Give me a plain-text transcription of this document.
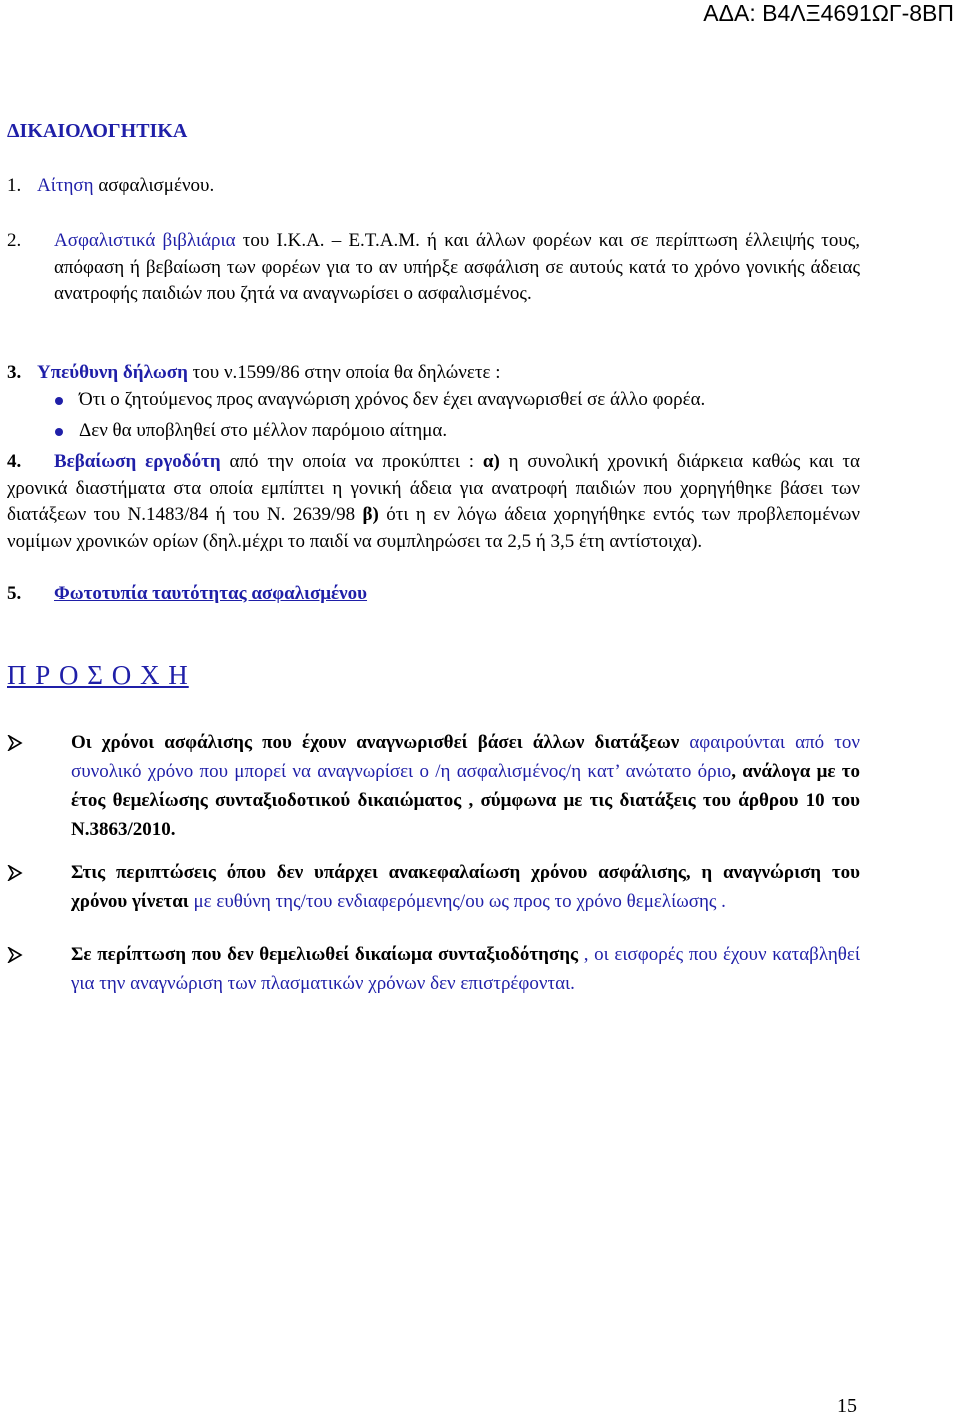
ΑΔΑ: Β4ΛΞ4691ΩΓ-8ΒΠ
ΔΙΚΑΙΟΛΟΓΗΤΙΚΑ
1. Αίτηση ασφαλισμένου.
2.	Ασφαλιστικά βιβλιάρια του Ι.Κ.Α. – Ε.Τ.Α.Μ. ή και άλλων φορέων και σε περίπτωση έλλειψής τους, απόφαση ή βεβαίωση των φορέων για το αν υπήρξε ασφάλιση σε αυτούς κατά το χρόνο γονικής άδειας ανατροφής παιδιών που ζητά να αναγνωρίσει ο ασφαλισμένος.
3. Υπεύθυνη δήλωση του ν.1599/86 στην οποία θα δηλώνετε :
Ότι ο ζητούμενος προς αναγνώριση χρόνος δεν έχει αναγνωρισθεί σε άλλο φορέα.
Δεν θα υποβληθεί στο μέλλον παρόμοιο αίτημα.
4. Βεβαίωση εργοδότη από την οποία να προκύπτει : α) η συνολική χρονική διάρκεια καθώς και τα χρονικά διαστήματα στα οποία εμπίπτει η γονική άδεια για ανατροφή παιδιών που χορηγήθηκε βάσει των διατάξεων του Ν.1483/84 ή του Ν. 2639/98 β) ότι η εν λόγω άδεια χορηγήθηκε εντός των προβλεπομένων νομίμων χρονικών ορίων (δηλ.μέχρι το παιδί να συμπληρώσει τα 2,5 ή 3,5 έτη αντίστοιχα).
5. Φωτοτυπία ταυτότητας ασφαλισμένου
Π Ρ Ο Σ Ο Χ Η
Οι χρόνοι ασφάλισης που έχουν αναγνωρισθεί βάσει άλλων διατάξεων αφαιρούνται από τον συνολικό χρόνο που μπορεί να αναγνωρίσει ο /η ασφαλισμένος/η κατ’ ανώτατο όριο, ανάλογα με το έτος θεμελίωσης συνταξιοδοτικού δικαιώματος , σύμφωνα με τις διατάξεις του άρθρου 10 του Ν.3863/2010.
Στις περιπτώσεις όπου δεν υπάρχει ανακεφαλαίωση χρόνου ασφάλισης, η αναγνώριση του χρόνου γίνεται με ευθύνη της/του ενδιαφερόμενης/ου ως προς το χρόνο θεμελίωσης .
Σε περίπτωση που δεν θεμελιωθεί δικαίωμα συνταξιοδότησης , οι εισφορές που έχουν καταβληθεί για την αναγνώριση των πλασματικών χρόνων δεν επιστρέφονται.
15
